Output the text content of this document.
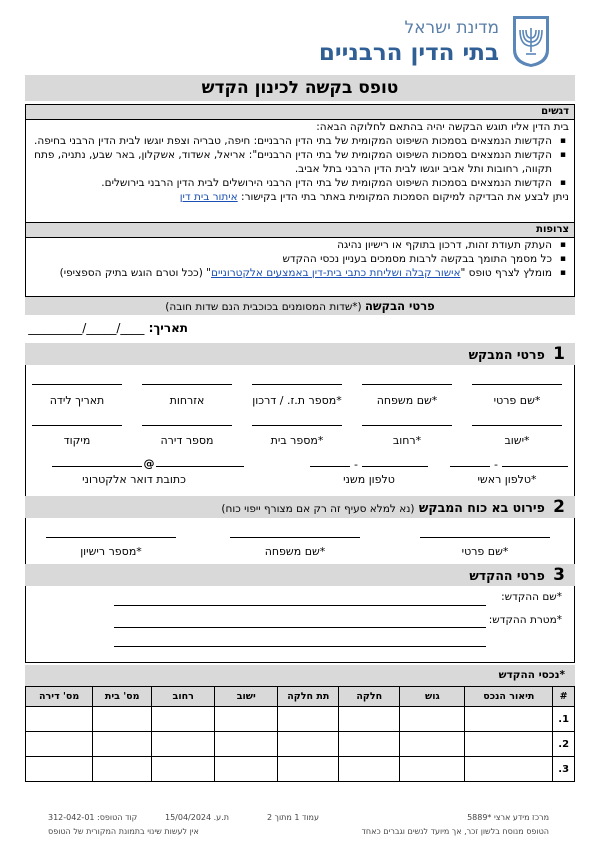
מדינת ישראל
בתי הדין הרבניים
טופס בקשה לכינון הקדש
דגשים
בית הדין אליו תוגש הבקשה יהיה בהתאם לחלוקה הבאה:
▪ הקדשות הנמצאים בסמכות השיפוט המקומית של בתי הדין הרבניים: חיפה, טבריה וצפת יוגשו לבית הדין הרבני בחיפה.
▪ הקדשות הנמצאים בסמכות השיפוט המקומית של בתי הדין הרבניים": אריאל, אשדוד, אשקלון, באר שבע, נתניה, פתח תקווה, רחובות ותל אביב יוגשו לבית הדין הרבני בתל אביב.
▪ הקדשות הנמצאים בסמכות השיפוט המקומית של בתי הדין הרבני הירושלים לבית הדין הרבני בירושלים.
ניתן לבצע את הבדיקה למיקום הסמכות המקומית באתר בתי הדין בקישור: איתור בית דין
צרופות
▪ העתק תעודת זהות, דרכון בתוקף או רישיון נהיגה
▪ כל מסמך התומך בבקשה לרבות מסמכים בעניין נכסי ההקדש
▪ מומלץ לצרף טופס "אישור קבלה ושליחת כתבי בית-דין באמצעים אלקטרוניים" (ככל וטרם הוגש בתיק הספציפי)
פרטי הבקשה (*שדות המסומנים בכוכבית הנם שדות חובה)
תאריך: ____/_____/_________
1 פרטי המבקש
*שם פרטי
*שם משפחה
*מספר ת.ז. / דרכון
אזרחות
תאריך לידה
*ישוב
*רחוב
*מספר בית
מספר דירה
מיקוד
-
-
@
*טלפון ראשי
טלפון משני
כתובת דואר אלקטרוני
2 פירוט בא כוח המבקש (נא למלא סעיף זה רק אם מצורף ייפוי כוח)
*שם פרטי
*שם משפחה
*מספר רישיון
3 פרטי ההקדש
*שם ההקדש:
*מטרת ההקדש:
*נכסי ההקדש
#	תיאור הנכס	גוש	חלקה	תת חלקה	ישוב	רחוב	מס' בית	מס' דירה
1.								
2.								
3.								
מרכז מידע ארצי *5889
עמוד 1 מתוך 2
ת.ע. 15/04/2024
קוד הטופס: 312-042-01
הטופס מנוסח בלשון זכר, אך מיועד לנשים וגברים כאחד
אין לעשות שינוי בתמונת המקורית של הטופס
